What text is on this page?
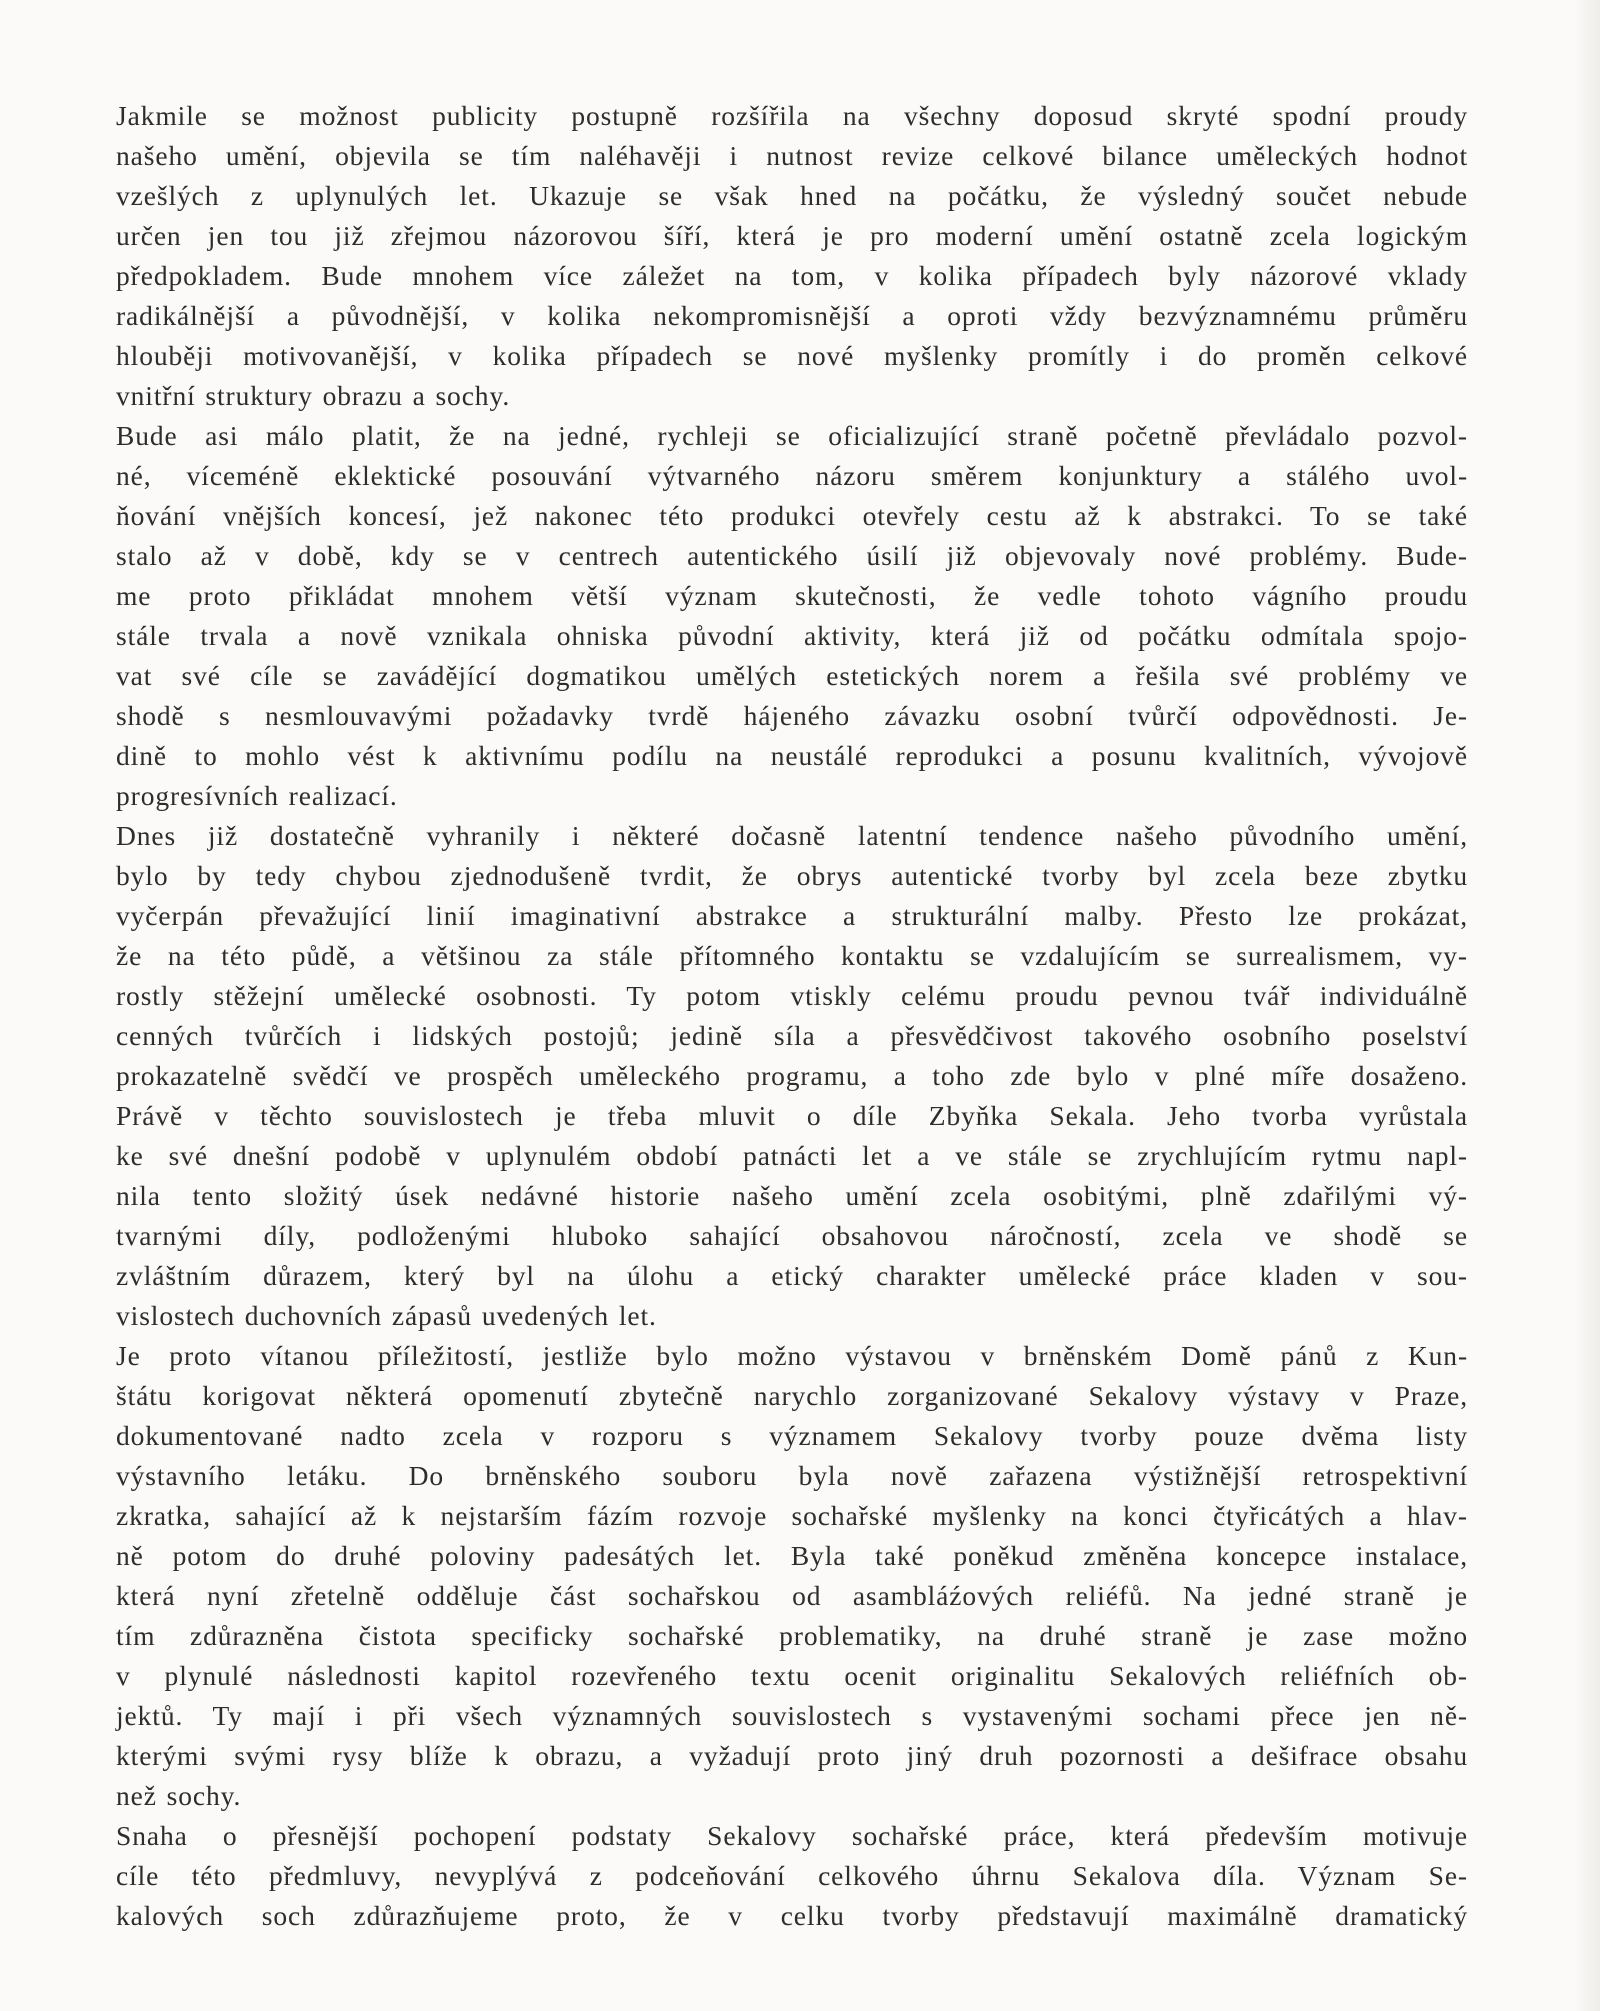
Jakmile se možnost publicity postupně rozšířila na všechny doposud skryté spodní proudy
našeho umění, objevila se tím naléhavěji i nutnost revize celkové bilance uměleckých hodnot
vzešlých z uplynulých let. Ukazuje se však hned na počátku, že výsledný součet nebude
určen jen tou již zřejmou názorovou šíří, která je pro moderní umění ostatně zcela logickým
předpokladem. Bude mnohem více záležet na tom, v kolika případech byly názorové vklady
radikálnější a původnější, v kolika nekompromisnější a oproti vždy bezvýznamnému průměru
hlouběji motivovanější, v kolika případech se nové myšlenky promítly i do proměn celkové
vnitřní struktury obrazu a sochy.
Bude asi málo platit, že na jedné, rychleji se oficializující straně početně převládalo pozvol-
né, víceméně eklektické posouvání výtvarného názoru směrem konjunktury a stálého uvol-
ňování vnějších koncesí, jež nakonec této produkci otevřely cestu až k abstrakci. To se také
stalo až v době, kdy se v centrech autentického úsilí již objevovaly nové problémy. Bude-
me proto přikládat mnohem větší význam skutečnosti, že vedle tohoto vágního proudu
stále trvala a nově vznikala ohniska původní aktivity, která již od počátku odmítala spojo-
vat své cíle se zavádějící dogmatikou umělých estetických norem a řešila své problémy ve
shodě s nesmlouvavými požadavky tvrdě hájeného závazku osobní tvůrčí odpovědnosti. Je-
dině to mohlo vést k aktivnímu podílu na neustálé reprodukci a posunu kvalitních, vývojově
progresívních realizací.
Dnes již dostatečně vyhranily i některé dočasně latentní tendence našeho původního umění,
bylo by tedy chybou zjednodušeně tvrdit, že obrys autentické tvorby byl zcela beze zbytku
vyčerpán převažující linií imaginativní abstrakce a strukturální malby. Přesto lze prokázat,
že na této půdě, a většinou za stále přítomného kontaktu se vzdalujícím se surrealismem, vy-
rostly stěžejní umělecké osobnosti. Ty potom vtiskly celému proudu pevnou tvář individuálně
cenných tvůrčích i lidských postojů; jedině síla a přesvědčivost takového osobního poselství
prokazatelně svědčí ve prospěch uměleckého programu, a toho zde bylo v plné míře dosaženo.
Právě v těchto souvislostech je třeba mluvit o díle Zbyňka Sekala. Jeho tvorba vyrůstala
ke své dnešní podobě v uplynulém období patnácti let a ve stále se zrychlujícím rytmu napl-
nila tento složitý úsek nedávné historie našeho umění zcela osobitými, plně zdařilými vý-
tvarnými díly, podloženými hluboko sahající obsahovou náročností, zcela ve shodě se
zvláštním důrazem, který byl na úlohu a etický charakter umělecké práce kladen v sou-
vislostech duchovních zápasů uvedených let.
Je proto vítanou příležitostí, jestliže bylo možno výstavou v brněnském Domě pánů z Kun-
štátu korigovat některá opomenutí zbytečně narychlo zorganizované Sekalovy výstavy v Praze,
dokumentované nadto zcela v rozporu s významem Sekalovy tvorby pouze dvěma listy
výstavního letáku. Do brněnského souboru byla nově zařazena výstižnější retrospektivní
zkratka, sahající až k nejstarším fázím rozvoje sochařské myšlenky na konci čtyřicátých a hlav-
ně potom do druhé poloviny padesátých let. Byla také poněkud změněna koncepce instalace,
která nyní zřetelně odděluje část sochařskou od asambláźových reliéfů. Na jedné straně je
tím zdůrazněna čistota specificky sochařské problematiky, na druhé straně je zase možno
v plynulé následnosti kapitol rozevřeného textu ocenit originalitu Sekalových reliéfních ob-
jektů. Ty mají i při všech významných souvislostech s vystavenými sochami přece jen ně-
kterými svými rysy blíže k obrazu, a vyžadují proto jiný druh pozornosti a dešifrace obsahu
než sochy.
Snaha o přesnější pochopení podstaty Sekalovy sochařské práce, která především motivuje
cíle této předmluvy, nevyplývá z podceňování celkového úhrnu Sekalova díla. Význam Se-
kalových soch zdůrazňujeme proto, že v celku tvorby představují maximálně dramatický
